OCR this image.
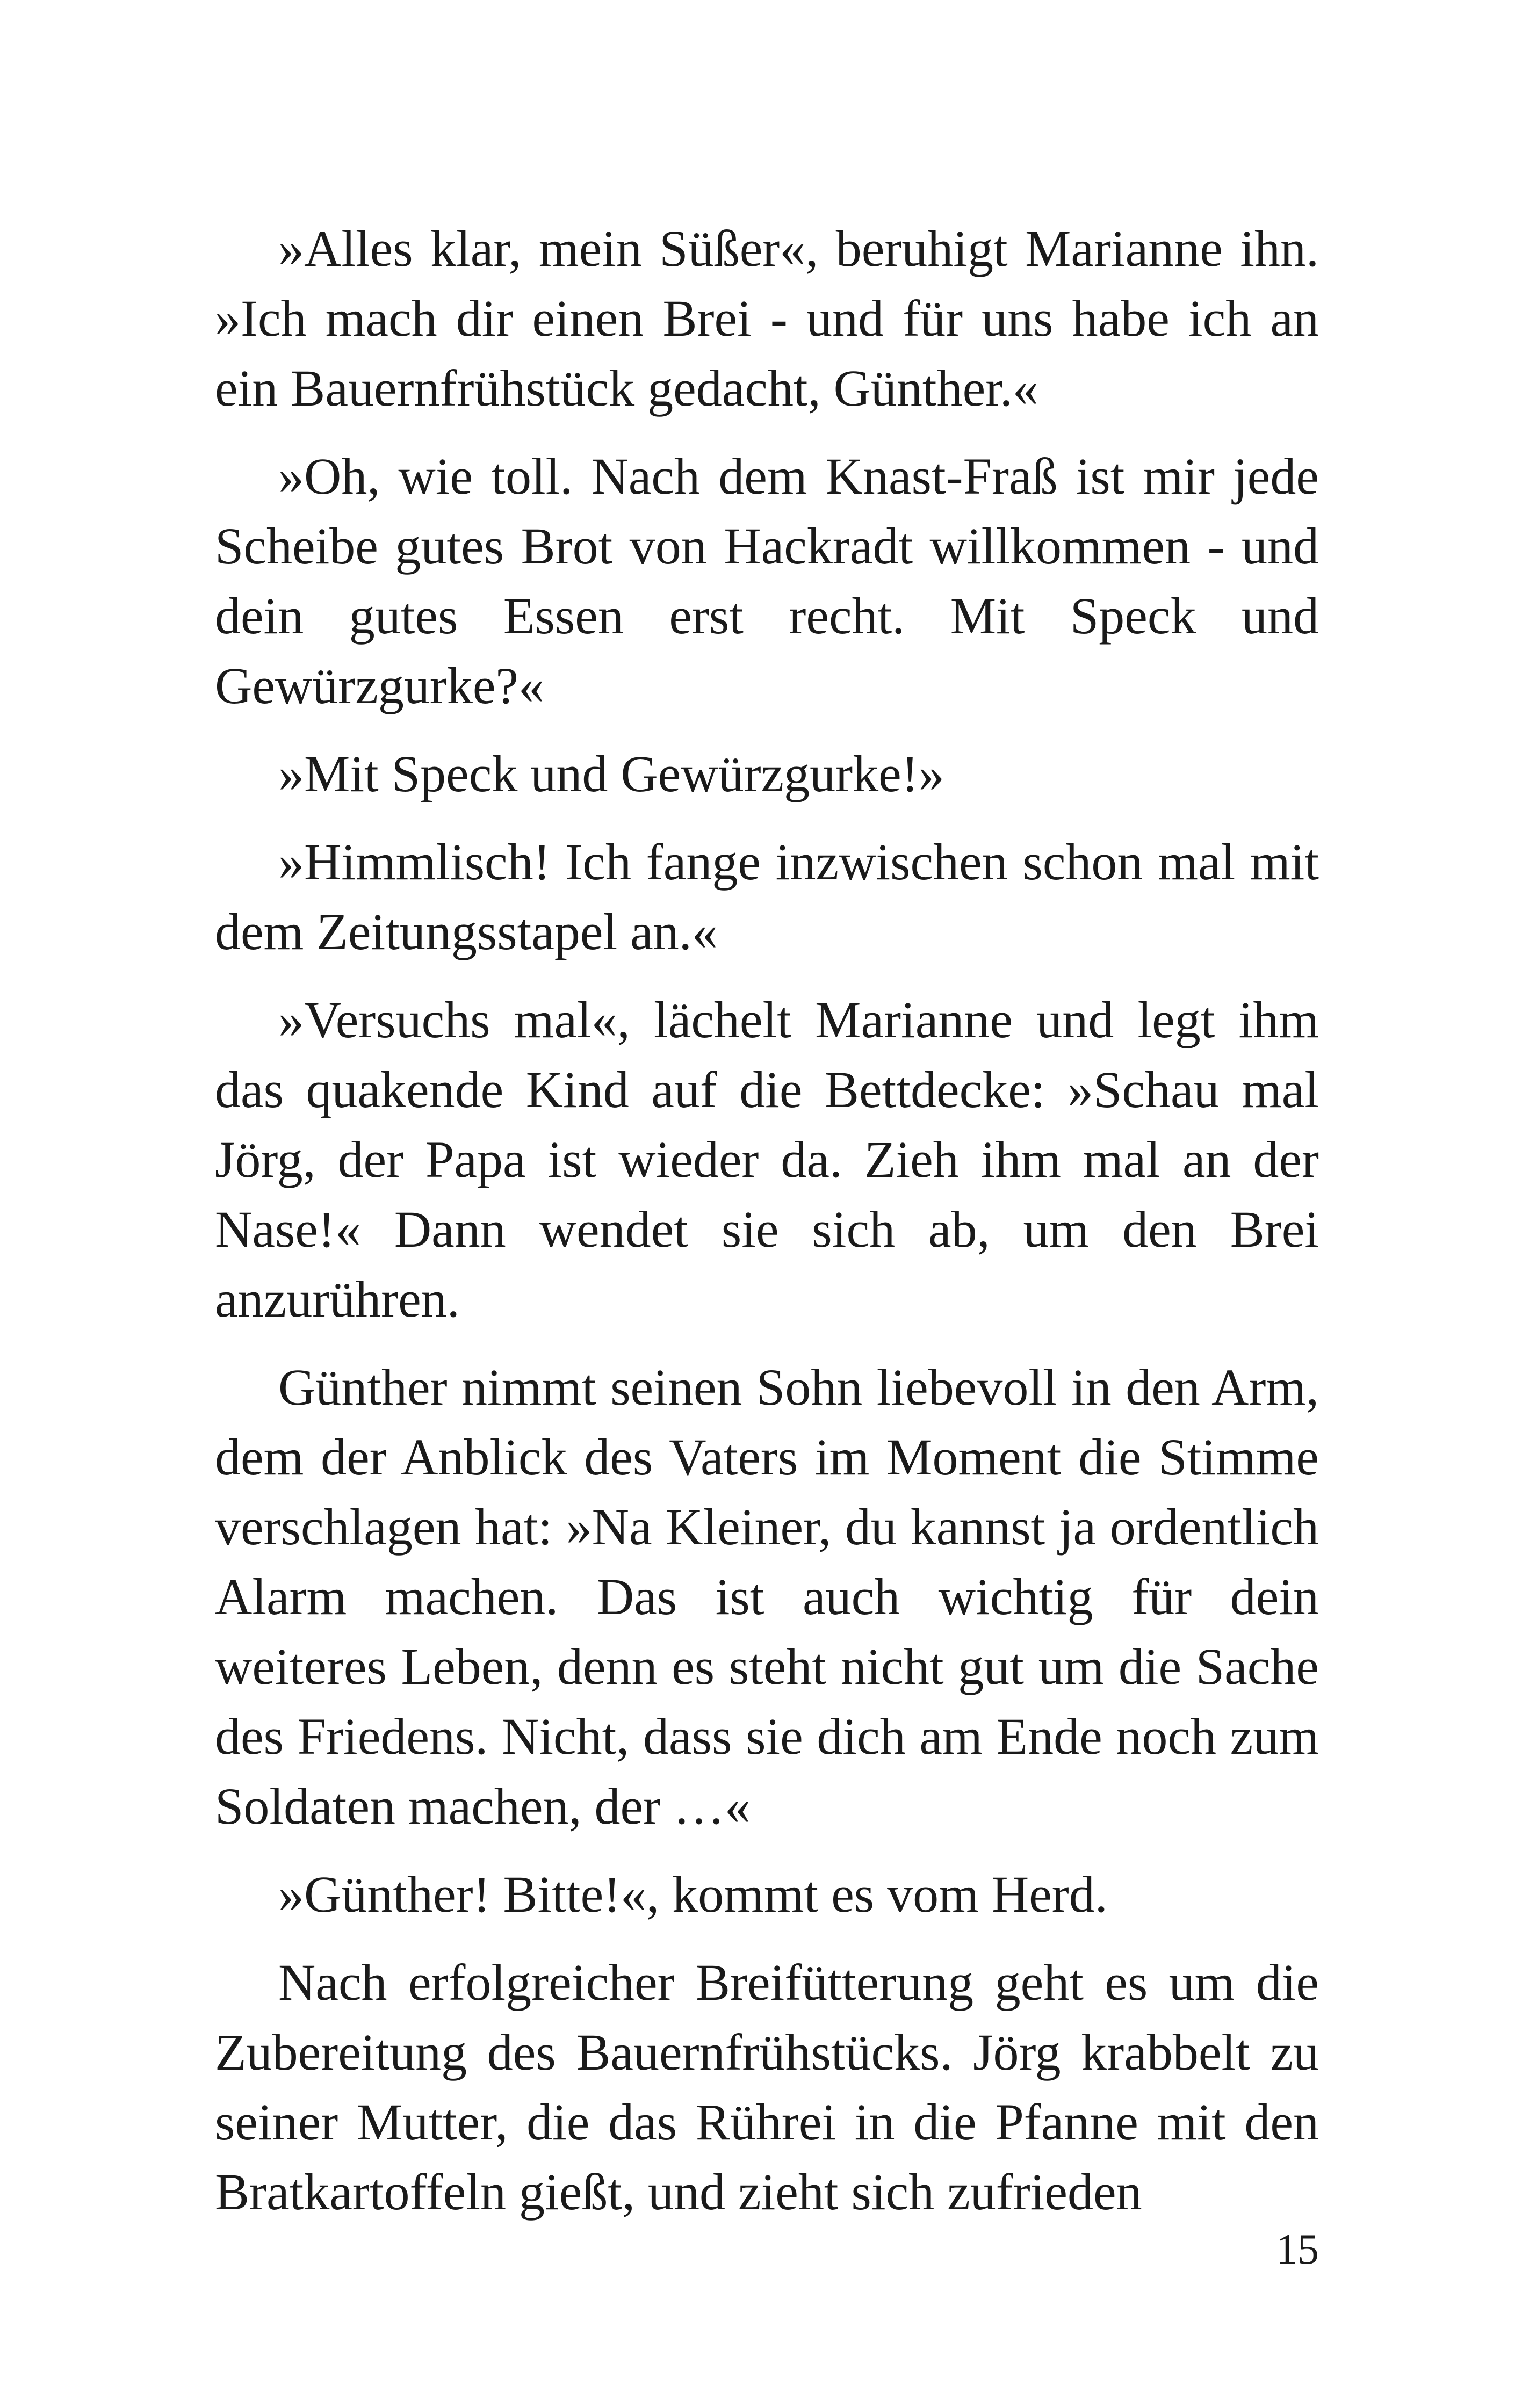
»Alles klar, mein Süßer«, beruhigt Marianne ihn. »Ich mach dir einen Brei - und für uns habe ich an ein Bauernfrühstück gedacht, Günther.«

»Oh, wie toll. Nach dem Knast-Fraß ist mir jede Scheibe gutes Brot von Hackradt willkommen - und dein gutes Essen erst recht. Mit Speck und Gewürzgurke?«

»Mit Speck und Gewürzgurke!»

»Himmlisch! Ich fange inzwischen schon mal mit dem Zeitungsstapel an.«

»Versuchs mal«, lächelt Marianne und legt ihm das quakende Kind auf die Bettdecke: »Schau mal Jörg, der Papa ist wieder da. Zieh ihm mal an der Nase!« Dann wendet sie sich ab, um den Brei anzurühren.

Günther nimmt seinen Sohn liebevoll in den Arm, dem der Anblick des Vaters im Moment die Stimme verschlagen hat: »Na Kleiner, du kannst ja ordentlich Alarm machen. Das ist auch wichtig für dein weiteres Leben, denn es steht nicht gut um die Sache des Friedens. Nicht, dass sie dich am Ende noch zum Soldaten machen, der …«

»Günther! Bitte!«, kommt es vom Herd.

Nach erfolgreicher Breifütterung geht es um die Zubereitung des Bauernfrühstücks. Jörg krabbelt zu seiner Mutter, die das Rührei in die Pfanne mit den Bratkartoffeln gießt, und zieht sich zufrieden

15
